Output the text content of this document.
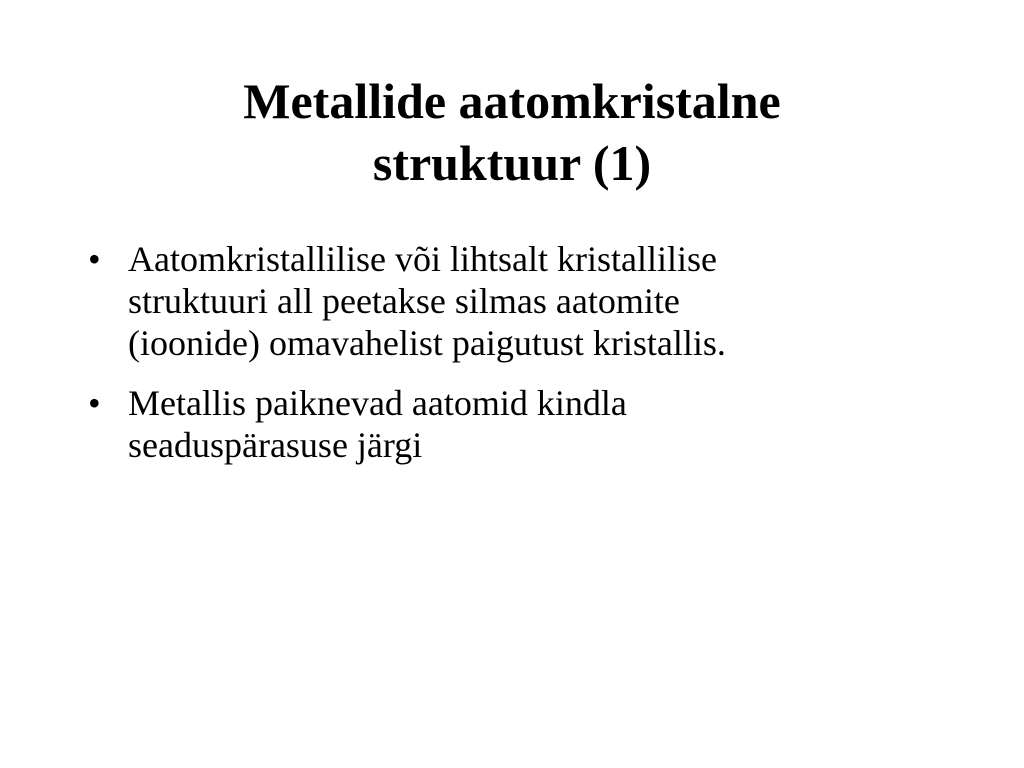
Metallide aatomkristalne
struktuur (1)
• Aatomkristallilise või lihtsalt kristallilise
struktuuri all peetakse silmas aatomite
(ioonide) omavahelist paigutust kristallis.
• Metallis paiknevad aatomid kindla
seaduspärasuse järgi
